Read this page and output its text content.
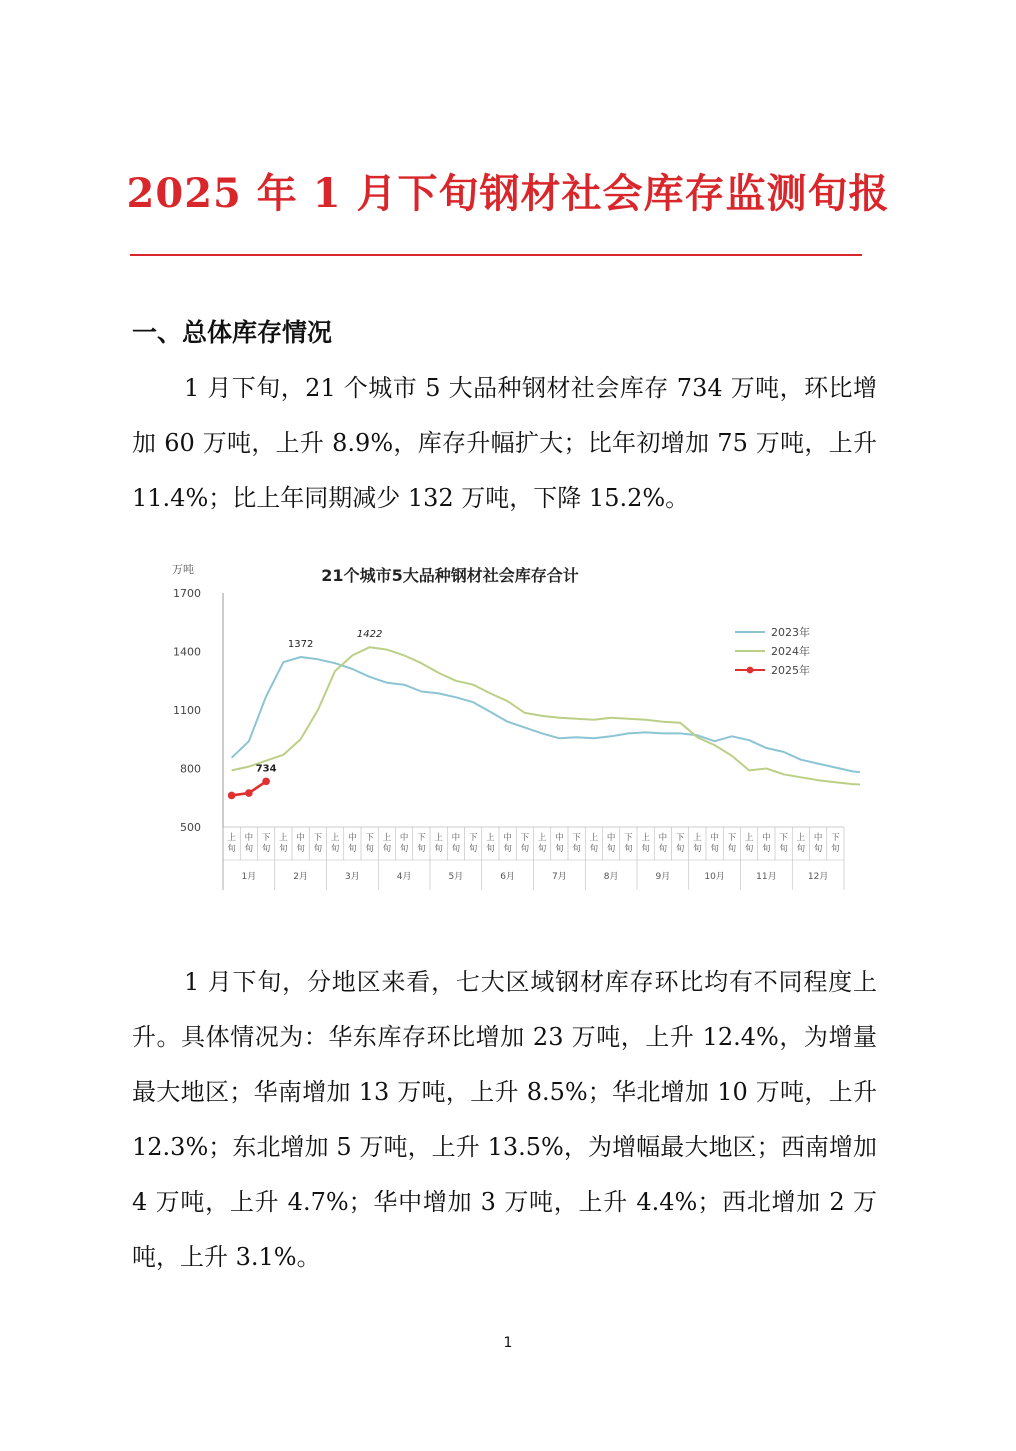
2025 年 1 月下旬钢材社会库存监测旬报
一、总体库存情况

1 月下旬，21 个城市 5 大品种钢材社会库存 734 万吨，环比增加 60 万吨，上升 8.9%，库存升幅扩大；比年初增加 75 万吨，上升 11.4%；比上年同期减少 132 万吨，下降 15.2%。

21个城市5大品种钢材社会库存合计
万吨
500
800
1100
1400
1700
上
旬
中
旬
下
旬
上
旬
中
旬
下
旬
上
旬
中
旬
下
旬
上
旬
中
旬
下
旬
上
旬
中
旬
下
旬
上
旬
中
旬
下
旬
上
旬
中
旬
下
旬
上
旬
中
旬
下
旬
上
旬
中
旬
下
旬
上
旬
中
旬
下
旬
上
旬
中
旬
下
旬
上
旬
中
旬
下
旬
1月	2月	3月	4月	5月	6月	7月	8月	9月	10月	11月	12月
1372
1422
734
2023年
2024年
2025年

1 月下旬，分地区来看，七大区域钢材库存环比均有不同程度上升。具体情况为：华东库存环比增加 23 万吨，上升 12.4%，为增量最大地区；华南增加 13 万吨，上升 8.5%；华北增加 10 万吨，上升 12.3%；东北增加 5 万吨，上升 13.5%，为增幅最大地区；西南增加 4 万吨，上升 4.7%；华中增加 3 万吨，上升 4.4%；西北增加 2 万吨，上升 3.1%。

1
